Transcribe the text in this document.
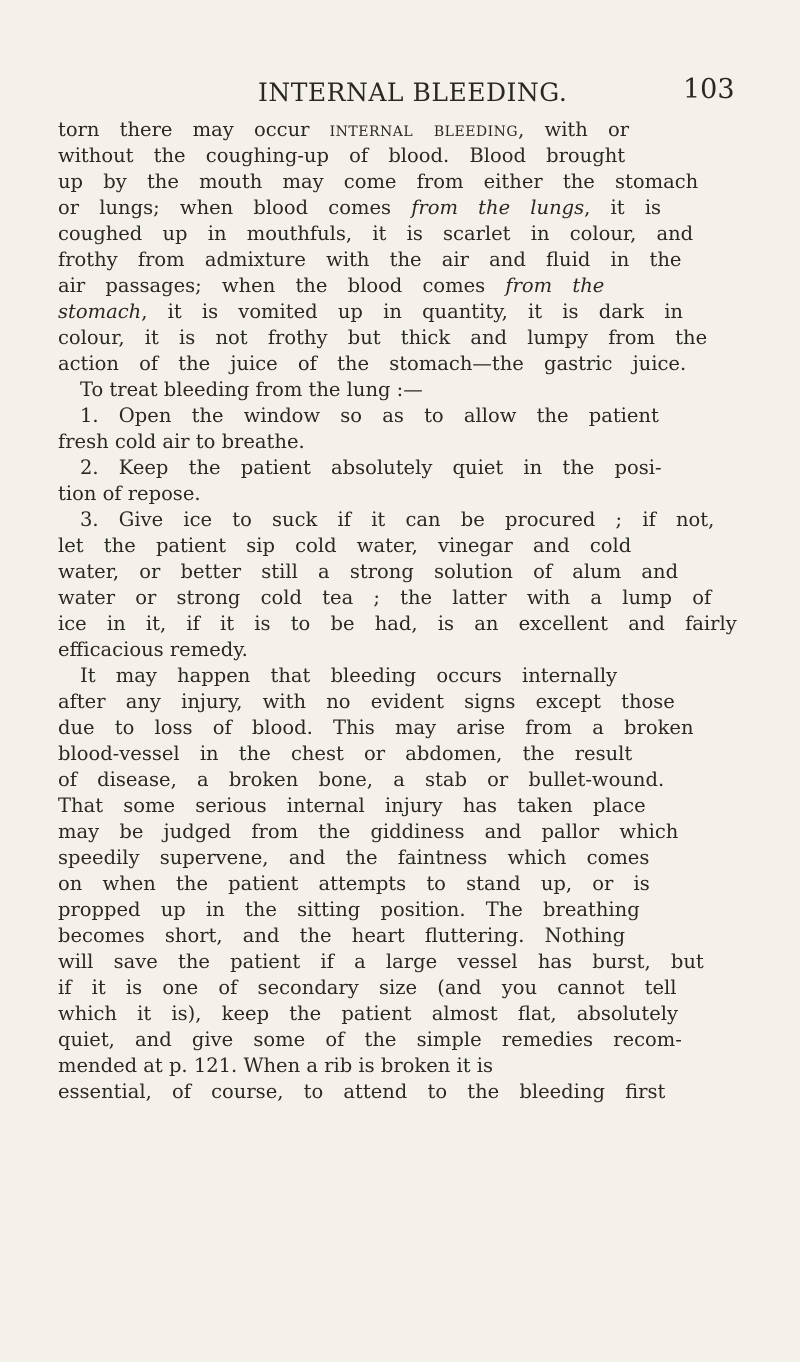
INTERNAL BLEEDING.	103
torn there may occur internal bleeding, with or
without the coughing-up of blood. Blood brought
up by the mouth may come from either the stomach
or lungs; when blood comes from the lungs, it is
coughed up in mouthfuls, it is scarlet in colour, and
frothy from admixture with the air and fluid in the
air passages; when the blood comes from the
stomach, it is vomited up in quantity, it is dark in
colour, it is not frothy but thick and lumpy from the
action of the juice of the stomach—the gastric juice.
To treat bleeding from the lung :—
1. Open the window so as to allow the patient
fresh cold air to breathe.
2. Keep the patient absolutely quiet in the posi-
tion of repose.
3. Give ice to suck if it can be procured ; if not,
let the patient sip cold water, vinegar and cold
water, or better still a strong solution of alum and
water or strong cold tea ; the latter with a lump of
ice in it, if it is to be had, is an excellent and fairly
efficacious remedy.
It may happen that bleeding occurs internally
after any injury, with no evident signs except those
due to loss of blood. This may arise from a broken
blood-vessel in the chest or abdomen, the result
of disease, a broken bone, a stab or bullet-wound.
That some serious internal injury has taken place
may be judged from the giddiness and pallor which
speedily supervene, and the faintness which comes
on when the patient attempts to stand up, or is
propped up in the sitting position. The breathing
becomes short, and the heart fluttering. Nothing
will save the patient if a large vessel has burst, but
if it is one of secondary size (and you cannot tell
which it is), keep the patient almost flat, absolutely
quiet, and give some of the simple remedies recom-
mended at p. 121. When a rib is broken it is
essential, of course, to attend to the bleeding first
